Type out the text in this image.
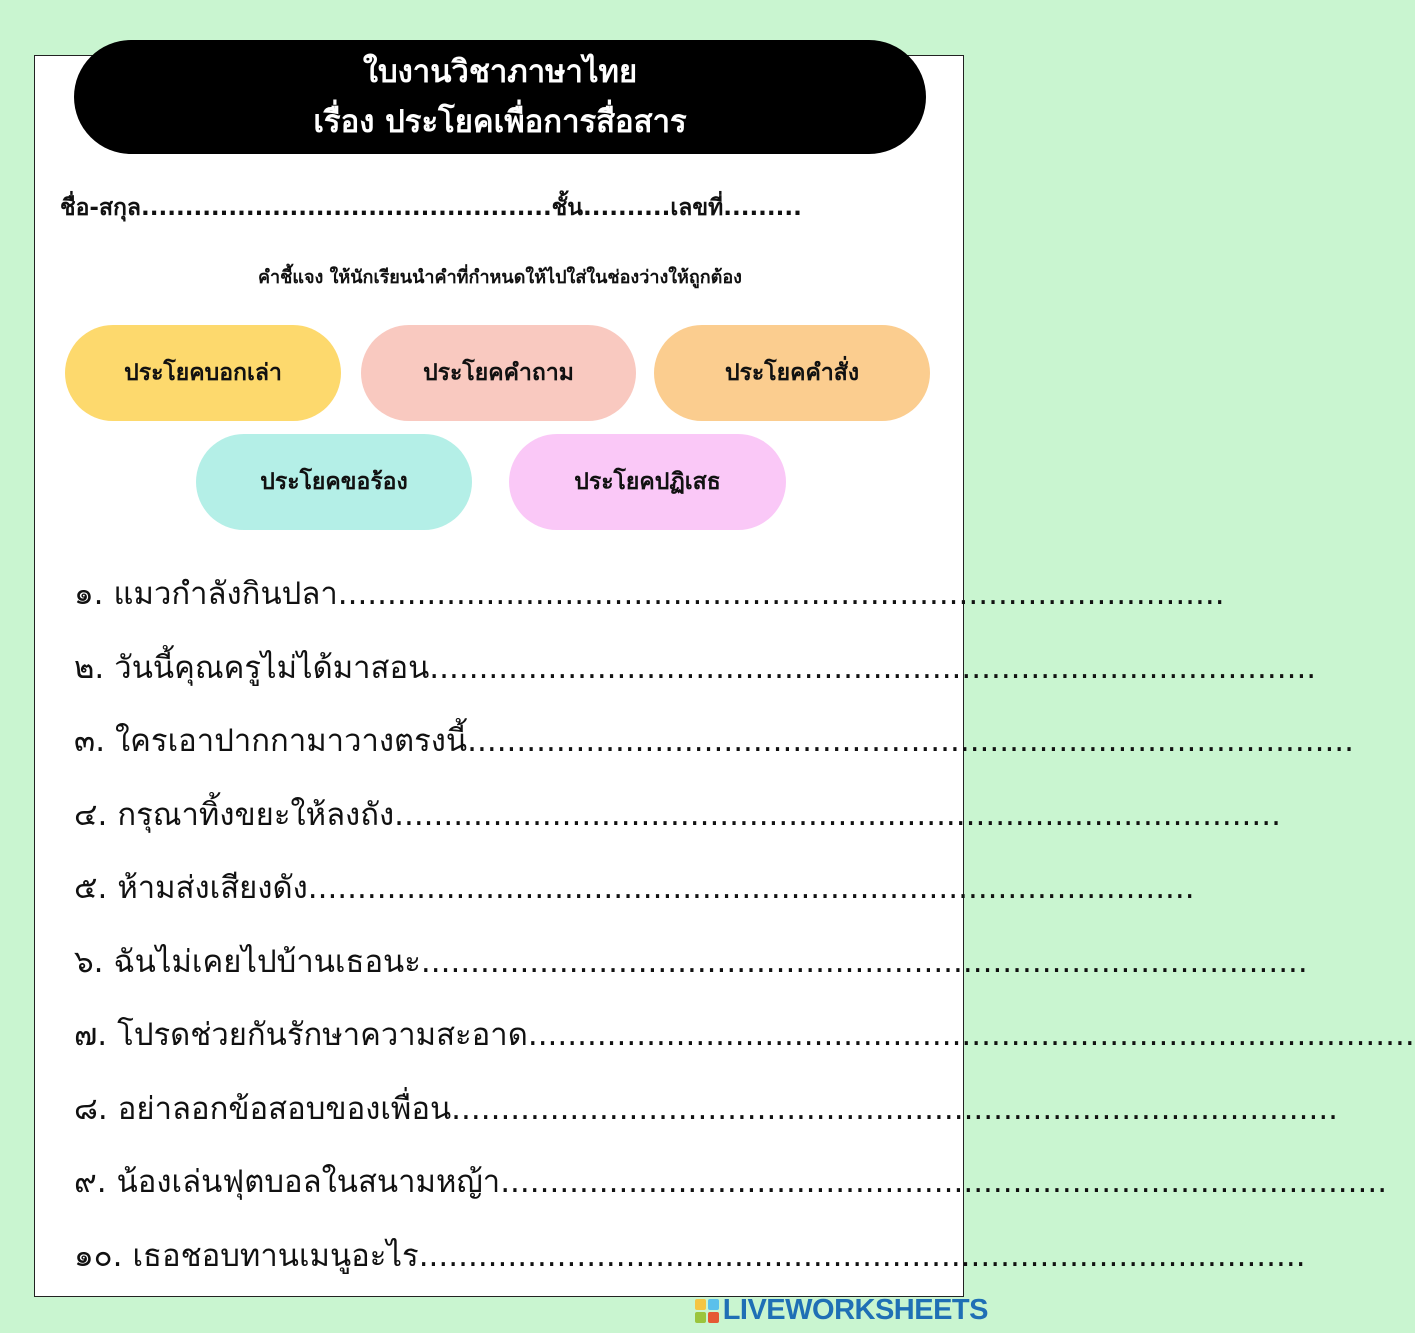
ใบงานวิชาภาษาไทย
เรื่อง ประโยคเพื่อการสื่อสาร
ชื่อ-สกุล...............................................ชั้น..........เลขที่.........
คำชี้แจง ให้นักเรียนนำคำที่กำหนดให้ไปใส่ในช่องว่างให้ถูกต้อง
ประโยคบอกเล่า	ประโยคคำถาม	ประโยคคำสั่ง
ประโยคขอร้อง	ประโยคปฏิเสธ
๑. แมวกำลังกินปลา ..........................................................................................
๒. วันนี้คุณครูไม่ได้มาสอน ..........................................................................................
๓. ใครเอาปากกามาวางตรงนี้ ..........................................................................................
๔. กรุณาทิ้งขยะให้ลงถัง ..........................................................................................
๕. ห้ามส่งเสียงดัง ..........................................................................................
๖. ฉันไม่เคยไปบ้านเธอนะ ..........................................................................................
๗. โปรดช่วยกันรักษาความสะอาด ..........................................................................................
๘. อย่าลอกข้อสอบของเพื่อน ..........................................................................................
๙. น้องเล่นฟุตบอลในสนามหญ้า ..........................................................................................
๑๐. เธอชอบทานเมนูอะไร ..........................................................................................
LIVEWORKSHEETS
